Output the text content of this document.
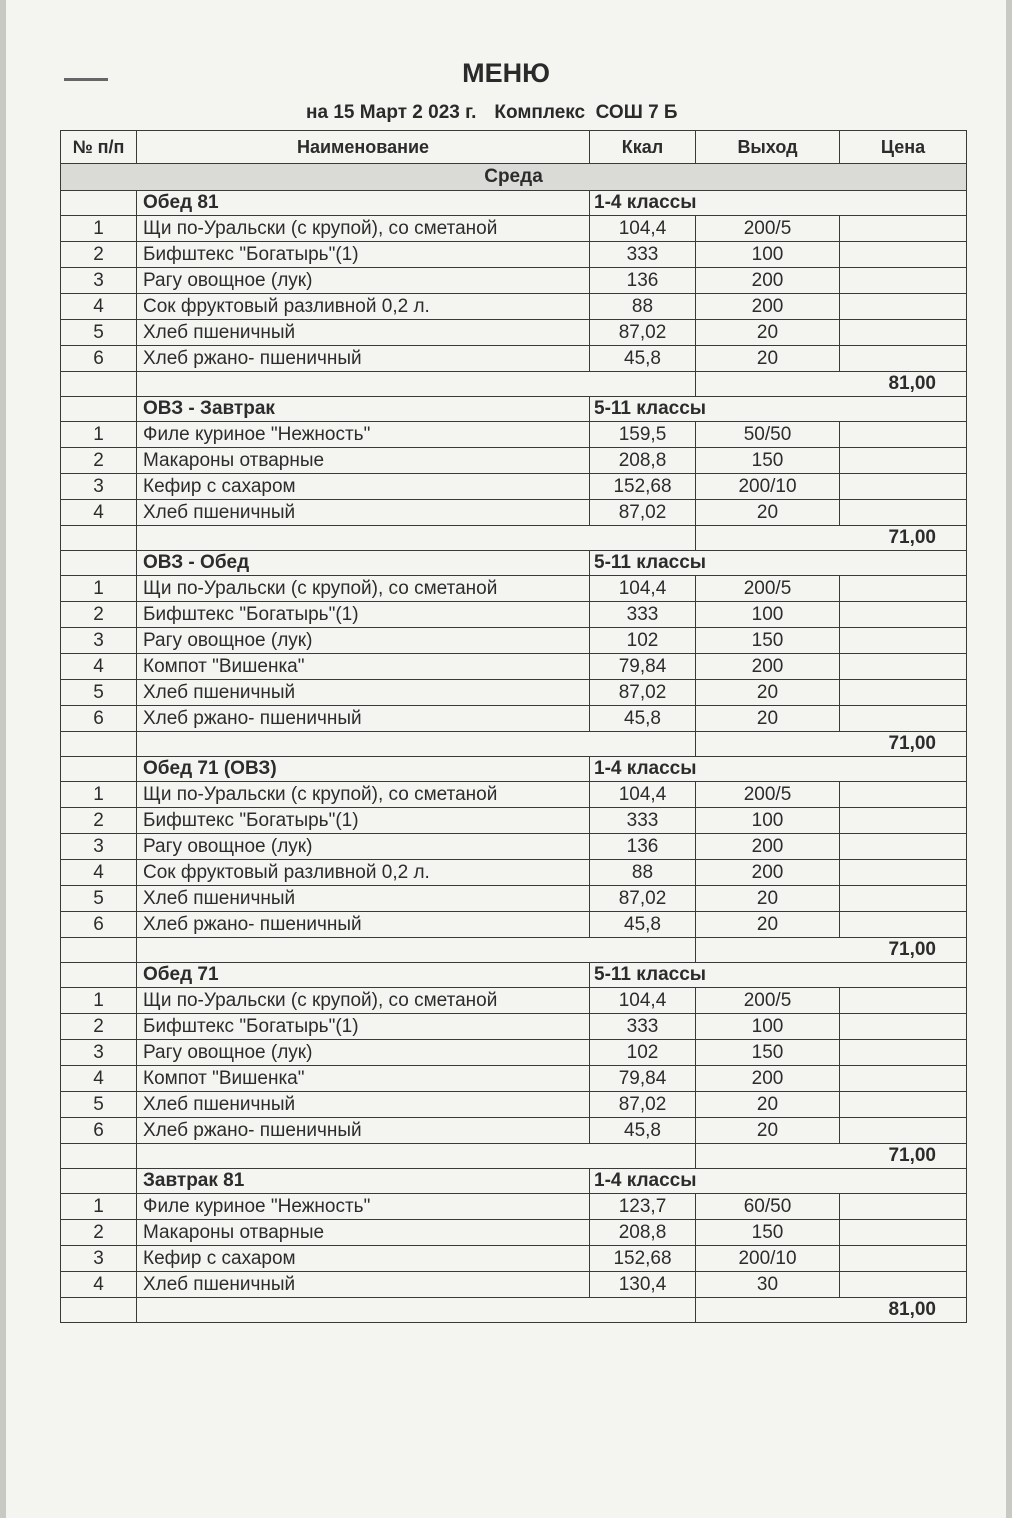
МЕНЮ
на 15 Март 2 023 г. Комплекс  СОШ 7 Б
№ п/п	Наименование	Ккал	Выход	Цена
Среда				
	Обед 81	1-4 классы		
1	Щи по-Уральски (с крупой), со сметаной	104,4	200/5	
2	Бифштекс "Богатырь"(1)	333	100	
3	Рагу овощное (лук)	136	200	
4	Сок фруктовый разливной 0,2 л.	88	200	
5	Хлеб пшеничный	87,02	20	
6	Хлеб ржано- пшеничный	45,8	20	
			81,00	
	ОВЗ - Завтрак	5-11 классы		
1	Филе куриное "Нежность"	159,5	50/50	
2	Макароны отварные	208,8	150	
3	Кефир с сахаром	152,68	200/10	
4	Хлеб пшеничный	87,02	20	
			71,00	
	ОВЗ - Обед	5-11 классы		
1	Щи по-Уральски (с крупой), со сметаной	104,4	200/5	
2	Бифштекс "Богатырь"(1)	333	100	
3	Рагу овощное (лук)	102	150	
4	Компот "Вишенка"	79,84	200	
5	Хлеб пшеничный	87,02	20	
6	Хлеб ржано- пшеничный	45,8	20	
			71,00	
	Обед 71 (ОВЗ)	1-4 классы		
1	Щи по-Уральски (с крупой), со сметаной	104,4	200/5	
2	Бифштекс "Богатырь"(1)	333	100	
3	Рагу овощное (лук)	136	200	
4	Сок фруктовый разливной 0,2 л.	88	200	
5	Хлеб пшеничный	87,02	20	
6	Хлеб ржано- пшеничный	45,8	20	
			71,00	
	Обед 71	5-11 классы		
1	Щи по-Уральски (с крупой), со сметаной	104,4	200/5	
2	Бифштекс "Богатырь"(1)	333	100	
3	Рагу овощное (лук)	102	150	
4	Компот "Вишенка"	79,84	200	
5	Хлеб пшеничный	87,02	20	
6	Хлеб ржано- пшеничный	45,8	20	
			71,00	
	Завтрак 81	1-4 классы		
1	Филе куриное "Нежность"	123,7	60/50	
2	Макароны отварные	208,8	150	
3	Кефир с сахаром	152,68	200/10	
4	Хлеб пшеничный	130,4	30	
			81,00	
